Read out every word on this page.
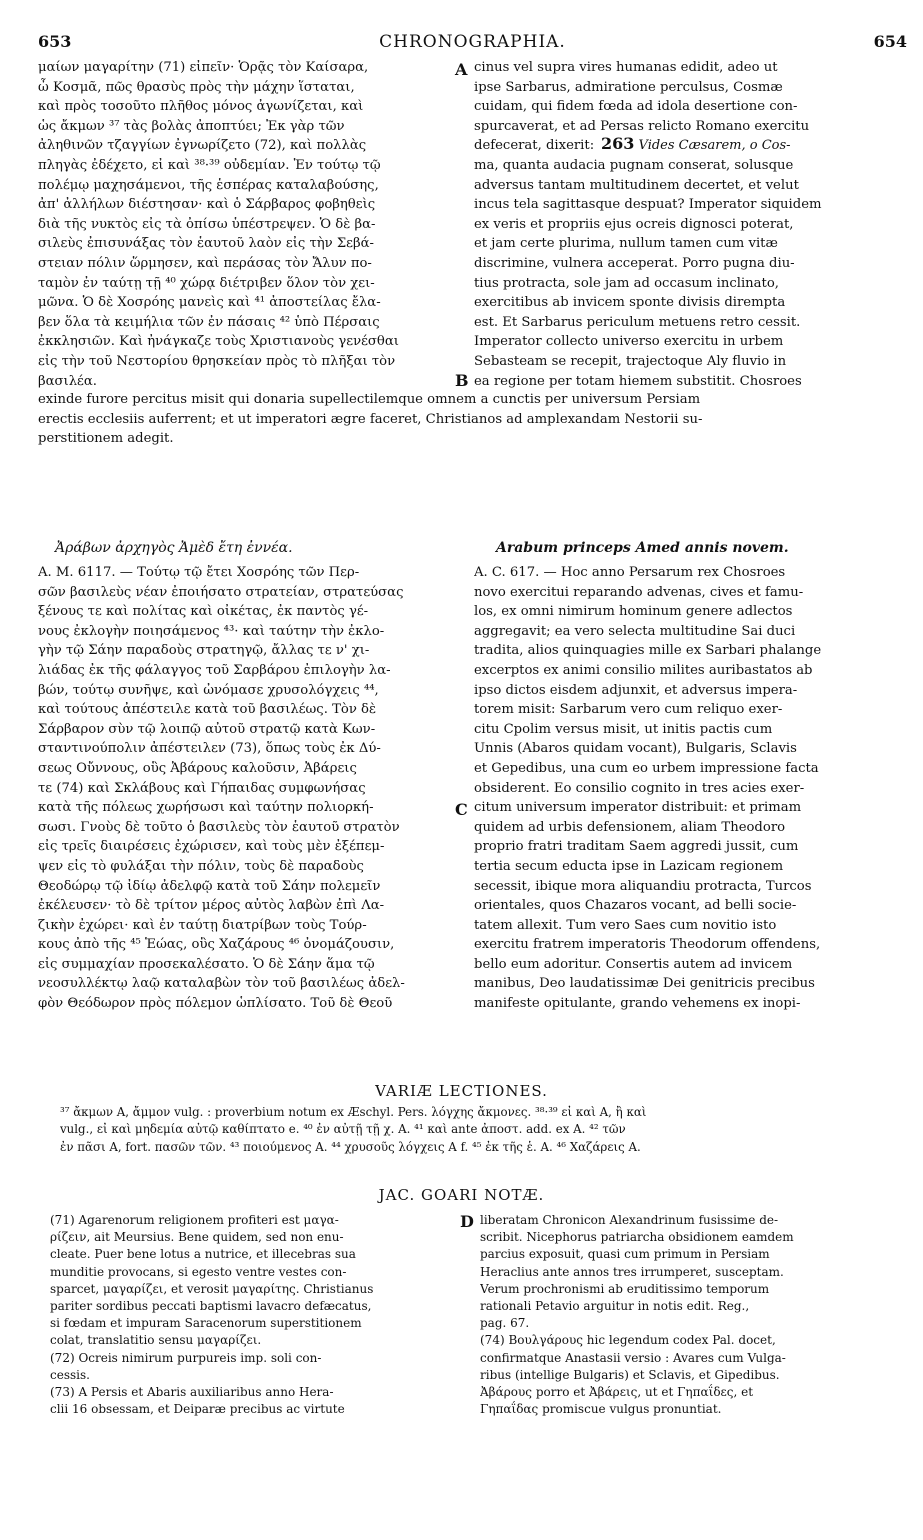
653	CHRONOGRAPHIA.	654
μαίων μαγαρίτην (71) εἰπεῖν· Ὁρᾷς τὸν Καίσαρα,
ὦ Κοσμᾶ, πῶς θρασὺς πρὸς τὴν μάχην ἵσταται,
καὶ πρὸς τοσοῦτο πλῆθος μόνος ἀγωνίζεται, καὶ
ὡς ἄκμων ³⁷ τὰς βολὰς ἀποπτύει; Ἐκ γὰρ τῶν
ἀληθινῶν τζαγγίων ἐγνωρίζετο (72), καὶ πολλὰς
πληγὰς ἐδέχετο, εἰ καὶ ³⁸·³⁹ οὐδεμίαν. Ἐν τούτῳ τῷ
πολέμῳ μαχησάμενοι, τῆς ἑσπέρας καταλαβούσης,
ἀπ' ἀλλήλων διέστησαν· καὶ ὁ Σάρβαρος φοβηθεὶς
διὰ τῆς νυκτὸς εἰς τὰ ὀπίσω ὑπέστρεψεν. Ὁ δὲ βα-
σιλεὺς ἐπισυνάξας τὸν ἑαυτοῦ λαὸν εἰς τὴν Σεβά-
στειαν πόλιν ὥρμησεν, καὶ περάσας τὸν Ἄλυν πο-
ταμὸν ἐν ταύτῃ τῇ ⁴⁰ χώρᾳ διέτριβεν ὅλον τὸν χει-
μῶνα. Ὁ δὲ Χοσρόης μανεὶς καὶ ⁴¹ ἀποστείλας ἔλα-
βεν ὅλα τὰ κειμήλια τῶν ἐν πάσαις ⁴² ὑπὸ Πέρσαις
ἐκκλησιῶν. Καὶ ἠνάγκαζε τοὺς Χριστιανοὺς γενέσθαι
εἰς τὴν τοῦ Νεστορίου θρησκείαν πρὸς τὸ πλῆξαι τὸν
βασιλέα.
cinus vel supra vires humanas edidit, adeo ut
ipse Sarbarus, admiratione perculsus, Cosmæ
cuidam, qui fidem fœda ad idola desertione con-
spurcaverat, et ad Persas relicto Romano exercitu
defecerat, dixerit:
ma, quanta audacia pugnam conserat, solusque
adversus tantam multitudinem decertet, et velut
incus tela sagittasque despuat? Imperator siquidem
ex veris et propriis ejus ocreis dignosci poterat,
et jam certe plurima, nullum tamen cum vitæ
discrimine, vulnera acceperat. Porro pugna diu-
tius protracta, sole jam ad occasum inclinato,
exercitibus ab invicem sponte divisis dirempta
est. Et Sarbarus periculum metuens retro cessit.
Imperator collecto universo exercitu in urbem
Sebasteam se recepit, trajectoque Aly fluvio in
ea regione per totam hiemem substitit. Chosroes
263 Vides Cæsarem, o Cos-
A
B
exinde furore percitus misit qui donaria supellectilemque omnem a cunctis per universum Persiam
erectis ecclesiis auferrent; et ut imperatori ægre faceret, Christianos ad amplexandam Nestorii su-
perstitionem adegit.
Ἀράβων ἀρχηγὸς Ἀμὲδ ἔτη ἐννέα.	Arabum princeps Amed annis novem.
A. M. 6117. — Τούτῳ τῷ ἔτει Χοσρόης τῶν Περ-
σῶν βασιλεὺς νέαν ἐποιήσατο στρατείαν, στρατεύσας
ξένους τε καὶ πολίτας καὶ οἰκέτας, ἐκ παντὸς γέ-
νους ἐκλογὴν ποιησάμενος ⁴³· καὶ ταύτην τὴν ἐκλο-
γὴν τῷ Σάην παραδοὺς στρατηγῷ, ἄλλας τε ν' χι-
λιάδας ἐκ τῆς φάλαγγος τοῦ Σαρβάρου ἐπιλογὴν λα-
βών, τούτῳ συνῆψε, καὶ ὠνόμασε χρυσολόγχεις ⁴⁴,
καὶ τούτους ἀπέστειλε κατὰ τοῦ βασιλέως. Τὸν δὲ
Σάρβαρον σὺν τῷ λοιπῷ αὐτοῦ στρατῷ κατὰ Κων-
σταντινούπολιν ἀπέστειλεν (73), ὅπως τοὺς ἐκ Δύ-
σεως Οὔννους, οὓς Ἀβάρους καλοῦσιν, Ἀβάρεις
τε (74) καὶ Σκλάβους καὶ Γήπαιδας συμφωνήσας
κατὰ τῆς πόλεως χωρήσωσι καὶ ταύτην πολιορκή-
σωσι. Γνοὺς δὲ τοῦτο ὁ βασιλεὺς τὸν ἑαυτοῦ στρατὸν
εἰς τρεῖς διαιρέσεις ἐχώρισεν, καὶ τοὺς μὲν ἐξέπεμ-
ψεν εἰς τὸ φυλάξαι τὴν πόλιν, τοὺς δὲ παραδοὺς
Θεοδώρῳ τῷ ἰδίῳ ἀδελφῷ κατὰ τοῦ Σάην πολεμεῖν
ἐκέλευσεν· τὸ δὲ τρίτον μέρος αὐτὸς λαβὼν ἐπὶ Λα-
ζικὴν ἐχώρει· καὶ ἐν ταύτῃ διατρίβων τοὺς Τούρ-
κους ἀπὸ τῆς ⁴⁵ Ἑώας, οὓς Χαζάρους ⁴⁶ ὀνομάζουσιν,
εἰς συμμαχίαν προσεκαλέσατο. Ὁ δὲ Σάην ἅμα τῷ
νεοσυλλέκτῳ λαῷ καταλαβὼν τὸν τοῦ βασιλέως ἀδελ-
φὸν Θεόδωρον πρὸς πόλεμον ὡπλίσατο. Τοῦ δὲ Θεοῦ
A. C. 617. — Hoc anno Persarum rex Chosroes
novo exercitui reparando advenas, cives et famu-
los, ex omni nimirum hominum genere adlectos
aggregavit; ea vero selecta multitudine Sai duci
tradita, alios quinquagies mille ex Sarbari phalange
excerptos ex animi consilio milites auribastatos ab
ipso dictos eisdem adjunxit, et adversus impera-
torem misit: Sarbarum vero cum reliquo exer-
citu Cpolim versus misit, ut initis pactis cum
Unnis (Abaros quidam vocant), Bulgaris, Sclavis
et Gepedibus, una cum eo urbem impressione facta
obsiderent. Eo consilio cognito in tres acies exer-
citum universum imperator distribuit: et primam
quidem ad urbis defensionem, aliam Theodoro
proprio fratri traditam Saem aggredi jussit, cum
tertia secum educta ipse in Lazicam regionem
secessit, ibique mora aliquandiu protracta, Turcos
orientales, quos Chazaros vocant, ad belli socie-
tatem allexit. Tum vero Saes cum novitio isto
exercitu fratrem imperatoris Theodorum offendens,
bello eum adoritur. Consertis autem ad invicem
manibus, Deo laudatissimæ Dei genitricis precibus
manifeste opitulante, grando vehemens ex inopi-
C
VARIÆ LECTIONES.
³⁷ ἄκμων A, ἄμμον vulg. : proverbium notum ex Æschyl. Pers. λόγχης ἄκμονες. ³⁸·³⁹ εἰ καὶ A, ἢ καὶ
vulg., εἰ καὶ μηδεμία αὐτῷ καθίπτατο e. ⁴⁰ ἐν αὐτῇ τῇ χ. A. ⁴¹ καὶ ante ἀποστ. add. ex A. ⁴² τῶν
ἐν πᾶσι A, fort. πασῶν τῶν. ⁴³ ποιούμενος A. ⁴⁴ χρυσοῦς λόγχεις A f. ⁴⁵ ἐκ τῆς ἑ. A. ⁴⁶ Χαζάρεις A.
JAC. GOARI NOTÆ.
D
(71) Agarenorum religionem profiteri est μαγα-
ρίζειν, ait Meursius. Bene quidem, sed non enu-
cleate. Puer bene lotus a nutrice, et illecebras sua
munditie provocans, si egesto ventre vestes con-
sparcet, μαγαρίζει, et verosit μαγαρίτης. Christianus
pariter sordibus peccati baptismi lavacro defæcatus,
si fœdam et impuram Saracenorum superstitionem
colat, translatitio sensu μαγαρίζει.
(72) Ocreis nimirum purpureis imp. soli con-
cessis.
(73) A Persis et Abaris auxiliaribus anno Hera-
clii 16 obsessam, et Deiparæ precibus ac virtute
liberatam Chronicon Alexandrinum fusissime de-
scribit. Nicephorus patriarcha obsidionem eamdem
parcius exposuit, quasi cum primum in Persiam
Heraclius ante annos tres irrumperet, susceptam.
Verum prochronismi ab eruditissimo temporum
rationali Petavio arguitur in notis edit. Reg.,
pag. 67.
(74) Βουλγάρους hic legendum codex Pal. docet,
confirmatque Anastasii versio : Avares cum Vulga-
ribus (intellige Bulgaris) et Sclavis, et Gipedibus.
Ἀβάρους porro et Ἀβάρεις, ut et Γηπαΐδες, et
Γηπαΐδας promiscue vulgus pronuntiat.
